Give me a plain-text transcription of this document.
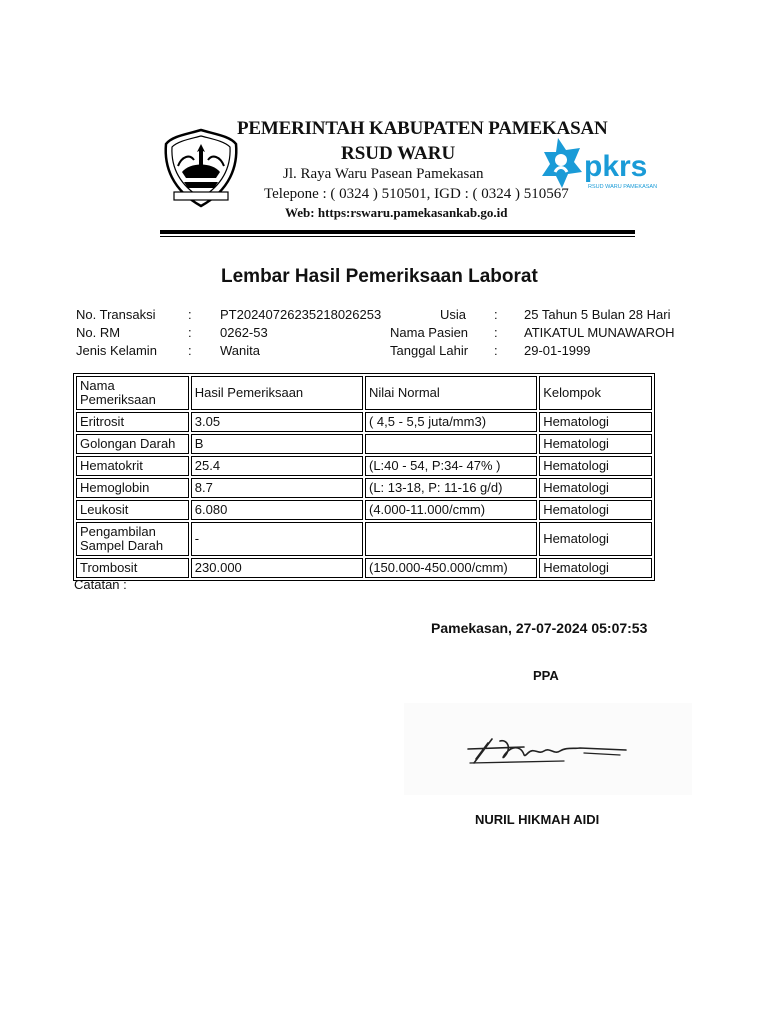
PEMERINTAH KABUPATEN PAMEKASAN
RSUD WARU
Jl. Raya Waru Pasean Pamekasan
Telepone : ( 0324 ) 510501, IGD : ( 0324 ) 510567
Web: https:rswaru.pamekasankab.go.id
pkrs
RSUD WARU PAMEKASAN
Lembar Hasil Pemeriksaan Laborat
No. Transaksi	: PT20240726235218026253	Usia : 25 Tahun 5 Bulan 28 Hari
No. RM	: 0262-53	Nama Pasien : ATIKATUL MUNAWAROH
Jenis Kelamin : Wanita	Tanggal Lahir : 29-01-1999
Nama Pemeriksaan	Hasil Pemeriksaan	Nilai Normal	Kelompok
Eritrosit	3.05	( 4,5 - 5,5 juta/mm3)	Hematologi
Golongan Darah	B		Hematologi
Hematokrit	25.4	(L:40 - 54, P:34- 47% )	Hematologi
Hemoglobin	8.7	(L: 13-18, P: 11-16 g/d)	Hematologi
Leukosit	6.080	(4.000-11.000/cmm)	Hematologi
Pengambilan Sampel Darah	-		Hematologi
Trombosit	230.000	(150.000-450.000/cmm)	Hematologi
Catatan :
Pamekasan, 27-07-2024 05:07:53
PPA
NURIL HIKMAH AIDI
